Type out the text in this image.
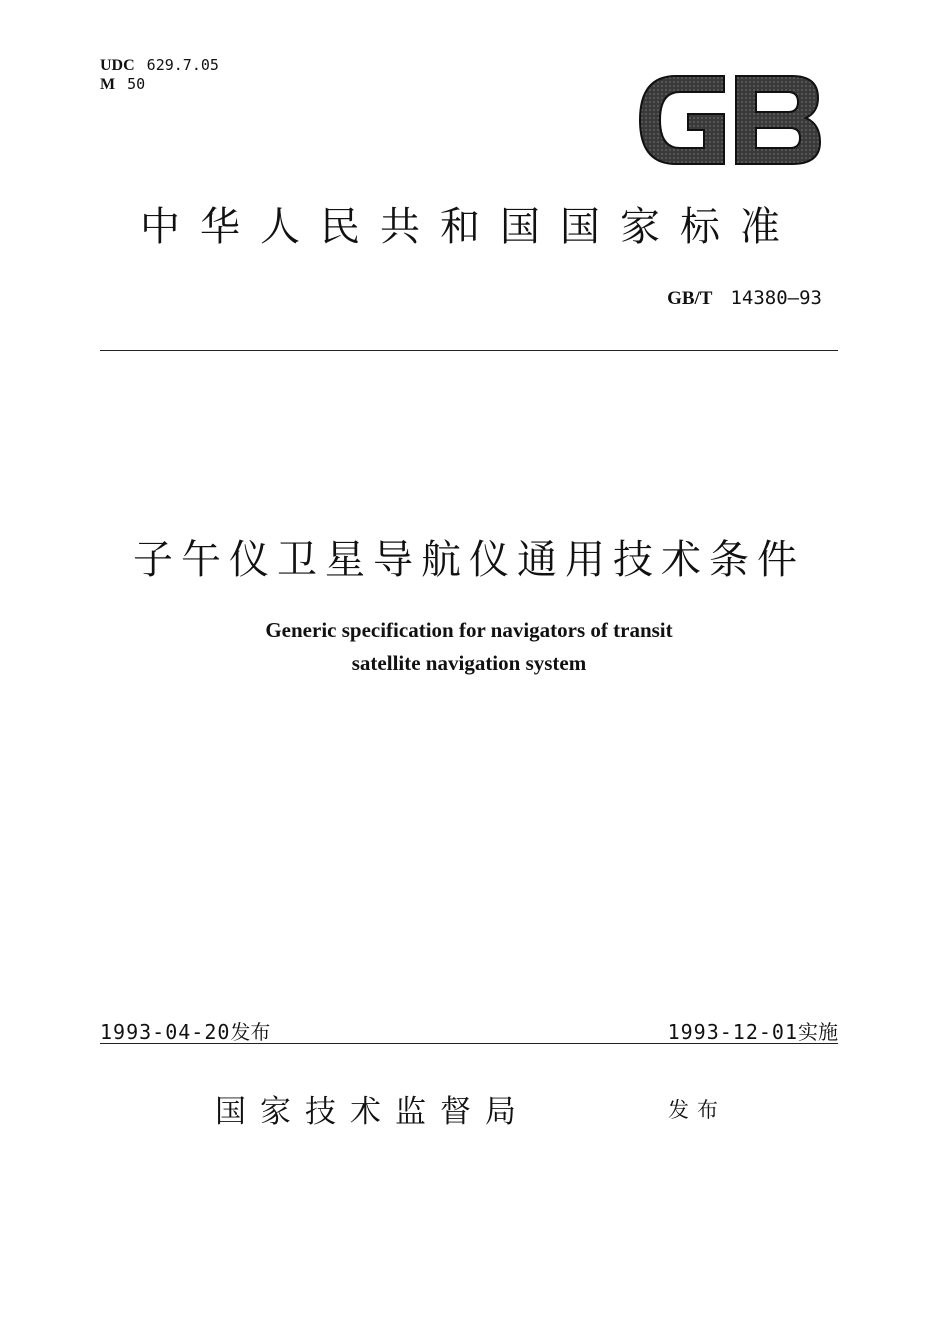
UDC 629.7.05
M 50
中华人民共和国国家标准
GB/T 14380—93
子午仪卫星导航仪通用技术条件
Generic specification for navigators of transit
satellite navigation system
1993-04-20发布	1993-12-01实施
国家技术监督局	发布
